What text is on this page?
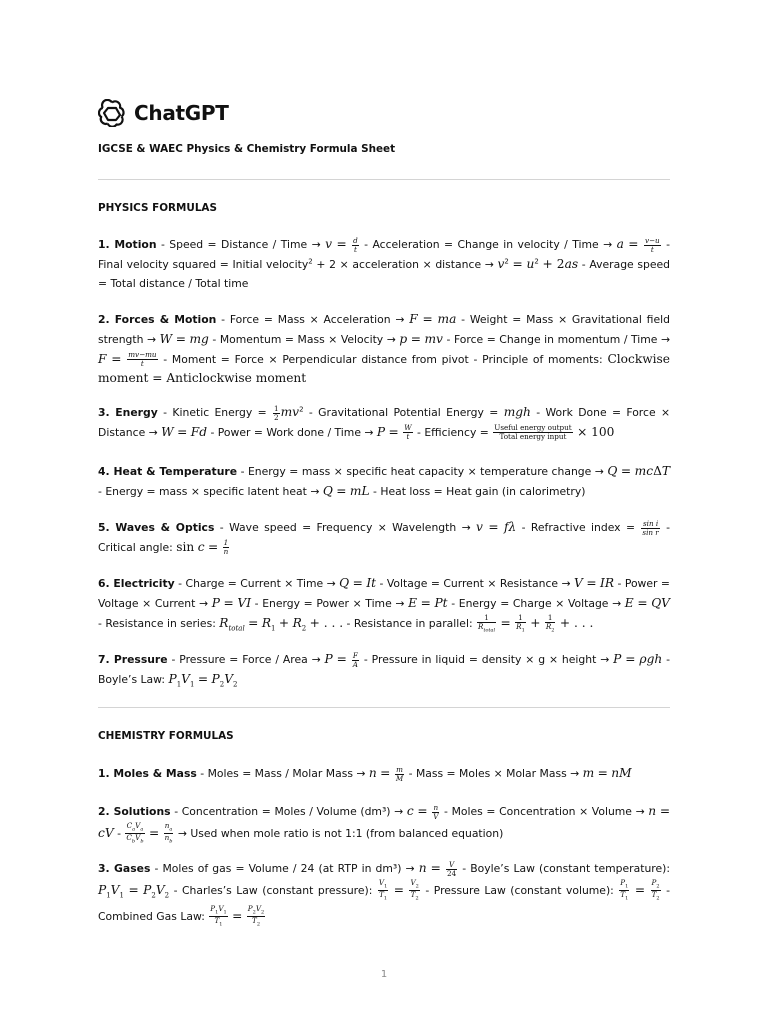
ChatGPT
IGCSE & WAEC Physics & Chemistry Formula Sheet
PHYSICS FORMULAS
1. Motion - Speed = Distance / Time → $v = \frac{d}{t}$ - Acceleration = Change in velocity / Time → $a = \frac{v-u}{t}$ - Final velocity squared = Initial velocity$^2$ + 2 × acceleration × distance → $v^2 = u^2 + 2as$ - Average speed = Total distance / Total time
2. Forces & Motion - Force = Mass × Acceleration → F = ma - Weight = Mass × Gravitational field strength → W = mg - Momentum = Mass × Velocity → p = mv - Force = Change in momentum / Time → $F = \frac{mv-mu}{t}$ - Moment = Force × Perpendicular distance from pivot - Principle of moments: Clockwise moment = Anticlockwise moment
3. Energy - Kinetic Energy = $\frac{1}{2} mv^2$ - Gravitational Potential Energy = mgh - Work Done = Force × Distance → W = Fd - Power = Work done / Time → $P = \frac{W}{t}$ - Efficiency = $\frac{\text{Useful energy output}}{\text{Total energy input}} \times 100$
4. Heat & Temperature - Energy = mass × specific heat capacity × temperature change → Q = mcΔT - Energy = mass × specific latent heat → Q = mL - Heat loss = Heat gain (in calorimetry)
5. Waves & Optics - Wave speed = Frequency × Wavelength → v = fλ - Refractive index = $\frac{\text{sin i}}{\text{sin r}}$ - Critical angle: $\sin c = \frac{1}{n}$
6. Electricity - Charge = Current × Time → Q = It - Voltage = Current × Resistance → V = IR - Power = Voltage × Current → P = VI - Energy = Power × Time → E = Pt - Energy = Charge × Voltage → E = QV - Resistance in series: $R_{total} = R_1 + R_2$ + . . . - Resistance in parallel: $\frac{1}{R_{total}} = \frac{1}{R_1} + \frac{1}{R_2}$ + . . .
7. Pressure - Pressure = Force / Area → $P = \frac{F}{A}$ - Pressure in liquid = density × g × height → P = ρgh - Boyle’s Law: $P_1V_1 = P_2V_2$
CHEMISTRY FORMULAS
1. Moles & Mass - Moles = Mass / Molar Mass → $n = \frac{m}{M}$ - Mass = Moles × Molar Mass → m = nM
2. Solutions - Concentration = Moles / Volume $(dm^3) \to c = \frac{n}{V}$ - Moles = Concentration × Volume → n = cV - $\frac{C_aV_a}{C_bV_b} = \frac{n_a}{n_b}$ → Used when mole ratio is not 1:1 (from balanced equation)
3. Gases - Moles of gas = Volume / 24 (at RTP in $dm^3) \to n = \frac{V}{24}$ - Boyle’s Law (constant temperature): $P_1V_1 = P_2V_2$ - Charles’s Law (constant pressure): $\frac{V_1}{T_1} = \frac{V_2}{T_2}$ - Pressure Law (constant volume): $\frac{P_1}{T_1} = \frac{P_2}{T_2}$ - Combined Gas Law: $\frac{P_1V_1}{T_1} = \frac{P_2V_2}{T_2}$
1
